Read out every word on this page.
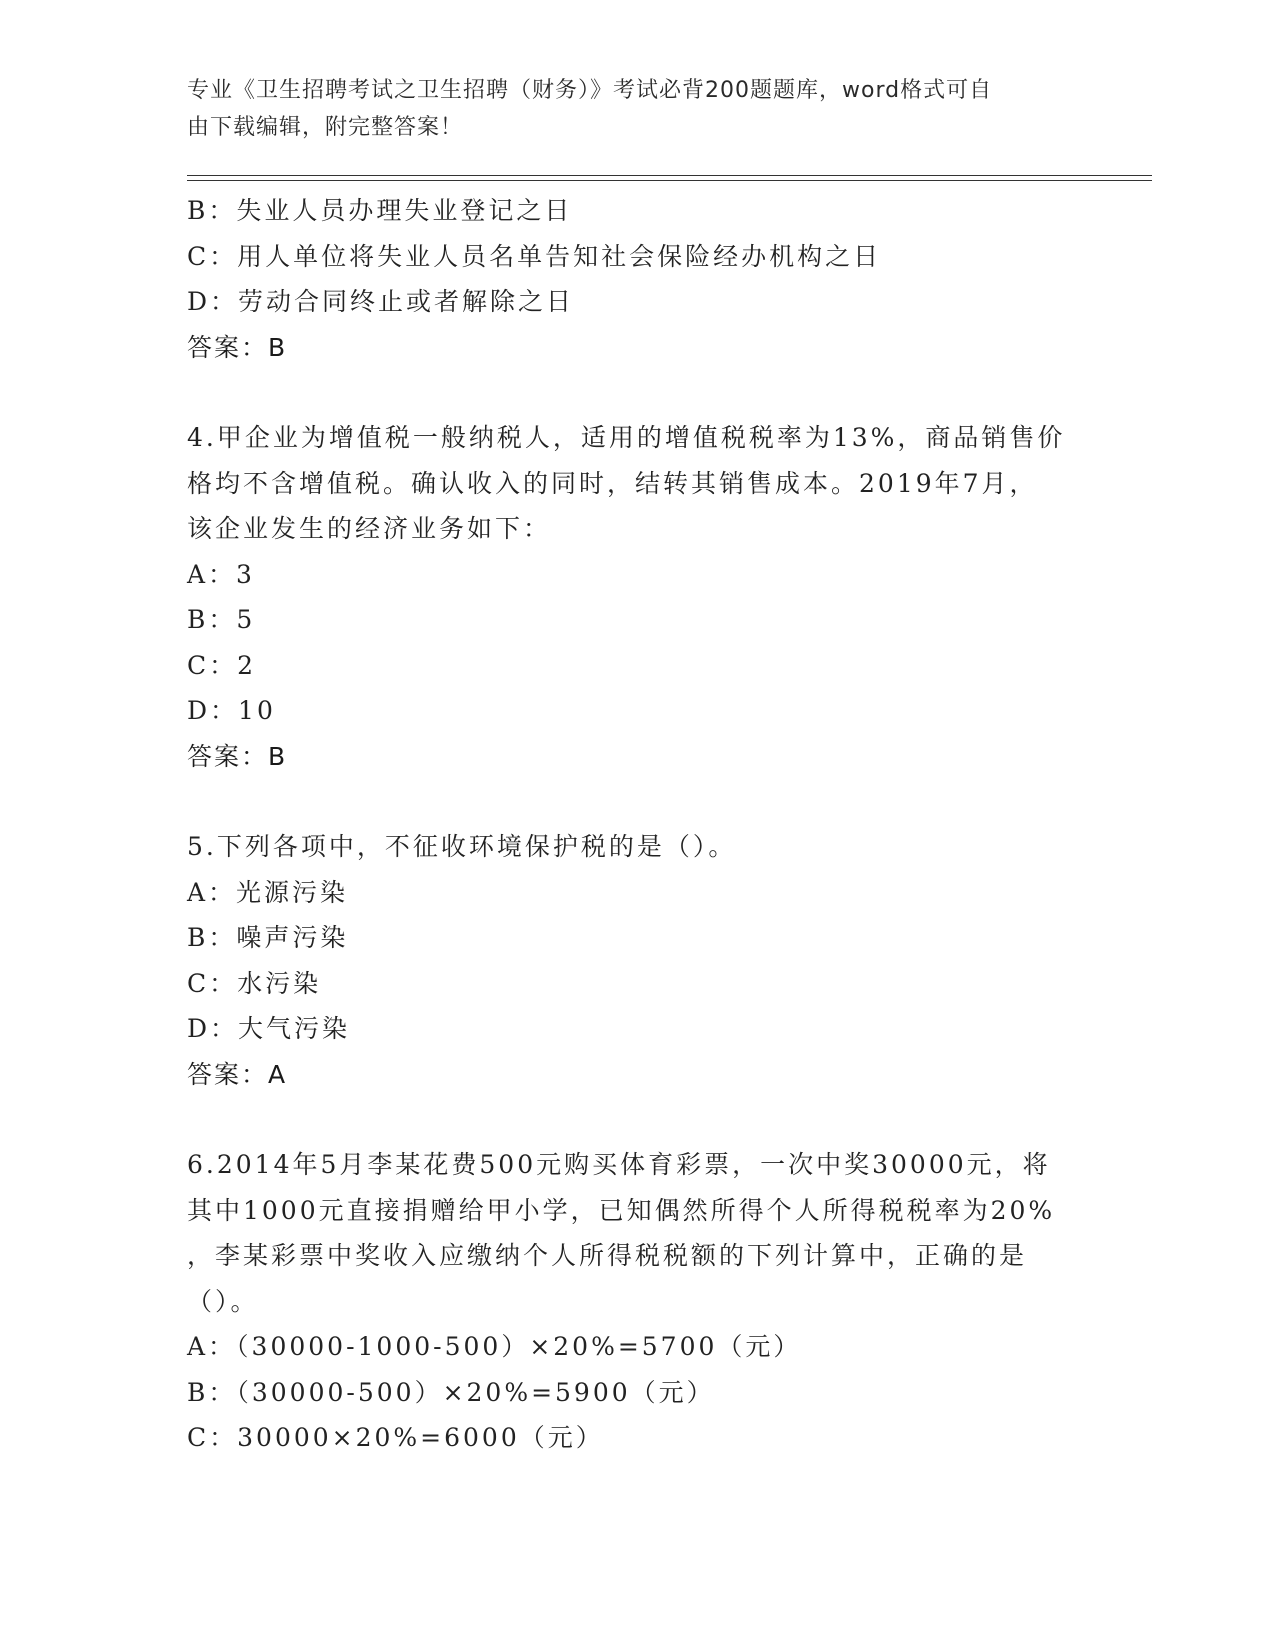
专业《卫生招聘考试之卫生招聘（财务）》考试必背200题题库，word格式可自
由下载编辑，附完整答案！
B：失业人员办理失业登记之日
C：用人单位将失业人员名单告知社会保险经办机构之日
D：劳动合同终止或者解除之日
答案：B
4.甲企业为增值税一般纳税人，适用的增值税税率为13%，商品销售价
格均不含增值税。确认收入的同时，结转其销售成本。2019年7月，
该企业发生的经济业务如下：
A：3
B：5
C：2
D：10
答案：B
5.下列各项中，不征收环境保护税的是（）。
A：光源污染
B：噪声污染
C：水污染
D：大气污染
答案：A
6.2014年5月李某花费500元购买体育彩票，一次中奖30000元，将
其中1000元直接捐赠给甲小学，已知偶然所得个人所得税税率为20%
，李某彩票中奖收入应缴纳个人所得税税额的下列计算中，正确的是
（）。
A：（30000-1000-500）×20%=5700（元）
B：（30000-500）×20%=5900（元）
C：30000×20%=6000（元）
